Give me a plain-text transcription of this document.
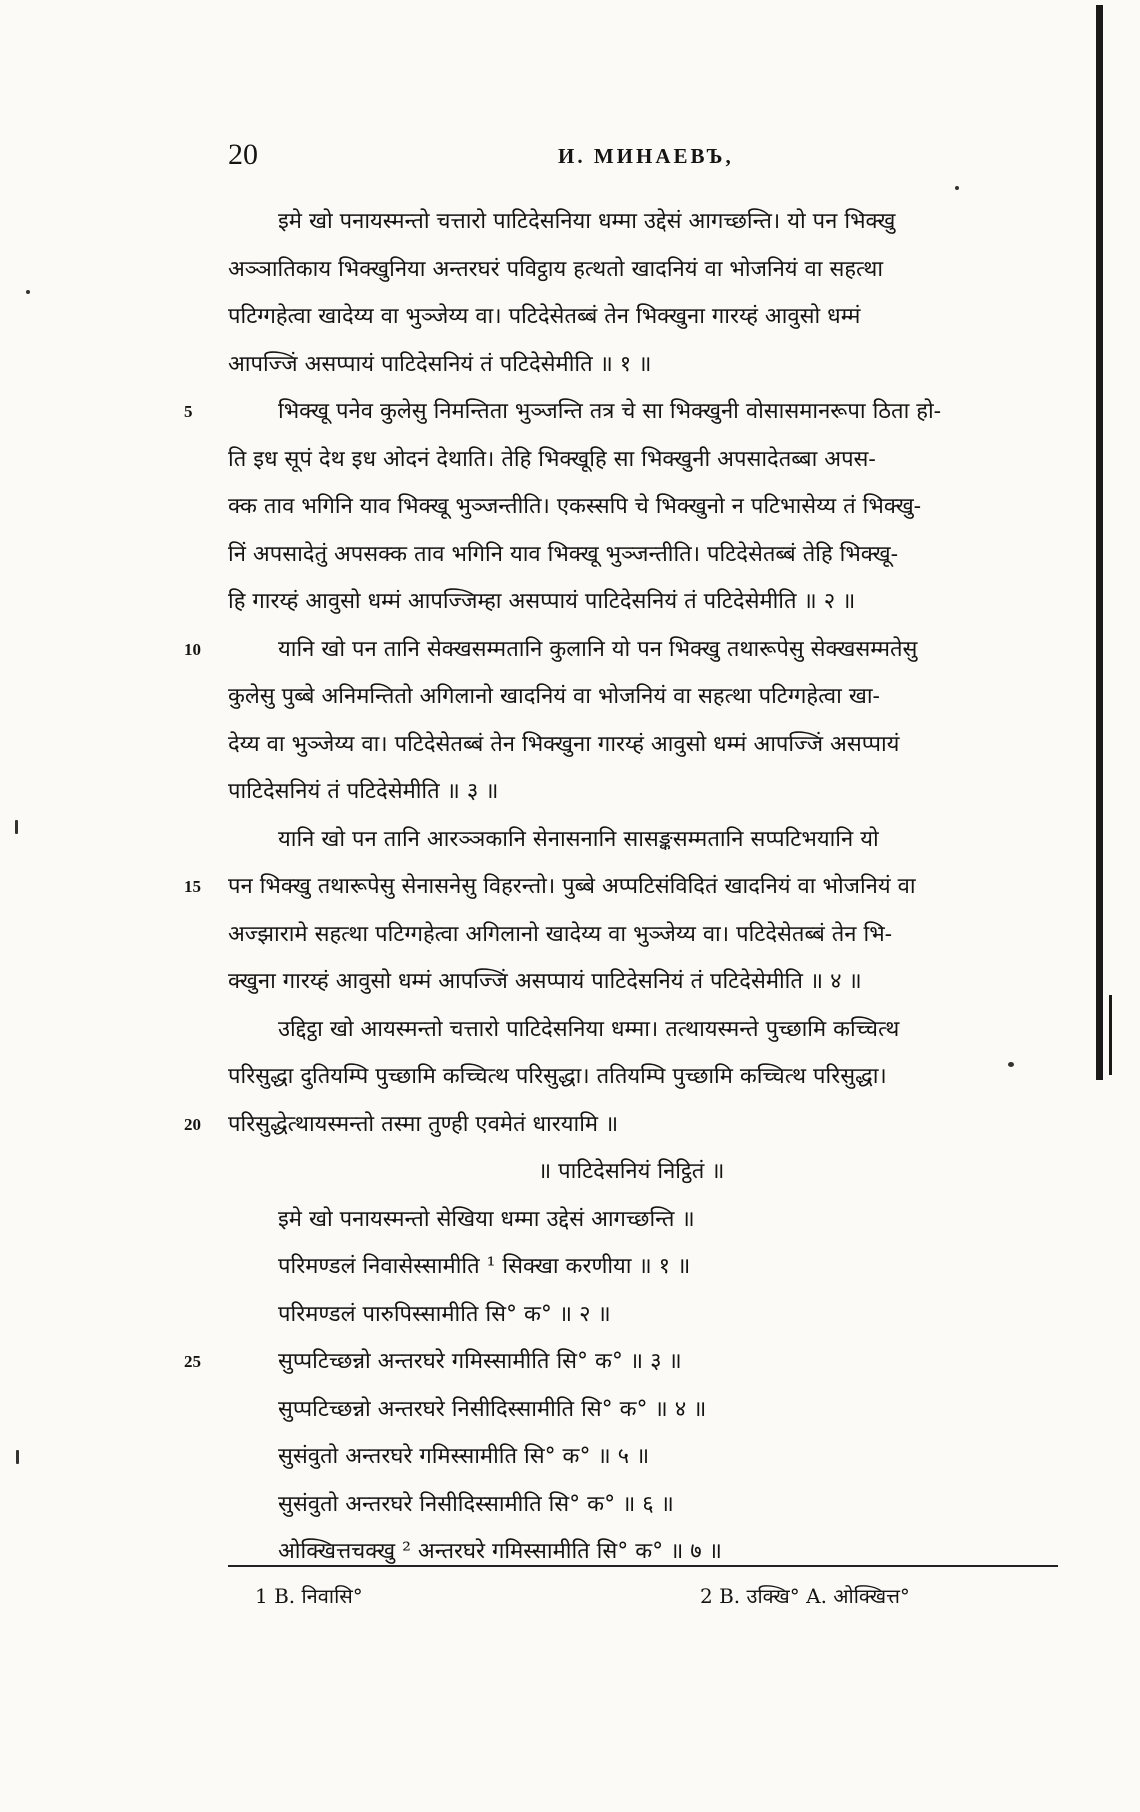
20	И. МИНАЕВЪ,
इमे खो पनायस्मन्तो चत्तारो पाटिदेसनिया धम्मा उद्देसं आगच्छन्ति। यो पन भिक्खु
अञ्ञातिकाय भिक्खुनिया अन्तरघरं पविट्ठाय हत्थतो खादनियं वा भोजनियं वा सहत्था
पटिग्गहेत्वा खादेय्य वा भुञ्जेय्य वा। पटिदेसेतब्बं तेन भिक्खुना गारय्हं आवुसो धम्मं
आपज्जिं असप्पायं पाटिदेसनियं तं पटिदेसेमीति ॥ १ ॥
5	भिक्खू पनेव कुलेसु निमन्तिता भुञ्जन्ति तत्र चे सा भिक्खुनी वोसासमानरूपा ठिता हो-
ति इध सूपं देथ इध ओदनं देथाति। तेहि भिक्खूहि सा भिक्खुनी अपसादेतब्बा अपस-
क्क ताव भगिनि याव भिक्खू भुञ्जन्तीति। एकस्सपि चे भिक्खुनो न पटिभासेय्य तं भिक्खु-
निं अपसादेतुं अपसक्क ताव भगिनि याव भिक्खू भुञ्जन्तीति। पटिदेसेतब्बं तेहि भिक्खू-
हि गारय्हं आवुसो धम्मं आपज्जिम्हा असप्पायं पाटिदेसनियं तं पटिदेसेमीति ॥ २ ॥
10	यानि खो पन तानि सेक्खसम्मतानि कुलानि यो पन भिक्खु तथारूपेसु सेक्खसम्मतेसु
कुलेसु पुब्बे अनिमन्तितो अगिलानो खादनियं वा भोजनियं वा सहत्था पटिग्गहेत्वा खा-
देय्य वा भुञ्जेय्य वा। पटिदेसेतब्बं तेन भिक्खुना गारय्हं आवुसो धम्मं आपज्जिं असप्पायं
पाटिदेसनियं तं पटिदेसेमीति ॥ ३ ॥
यानि खो पन तानि आरञ्ञकानि सेनासनानि सासङ्कसम्मतानि सप्पटिभयानि यो
15 पन भिक्खु तथारूपेसु सेनासनेसु विहरन्तो। पुब्बे अप्पटिसंविदितं खादनियं वा भोजनियं वा
अज्झारामे सहत्था पटिग्गहेत्वा अगिलानो खादेय्य वा भुञ्जेय्य वा। पटिदेसेतब्बं तेन भि-
क्खुना गारय्हं आवुसो धम्मं आपज्जिं असप्पायं पाटिदेसनियं तं पटिदेसेमीति ॥ ४ ॥
उद्दिट्ठा खो आयस्मन्तो चत्तारो पाटिदेसनिया धम्मा। तत्थायस्मन्ते पुच्छामि कच्चित्थ
परिसुद्धा दुतियम्पि पुच्छामि कच्चित्थ परिसुद्धा। ततियम्पि पुच्छामि कच्चित्थ परिसुद्धा।
20 परिसुद्धेत्थायस्मन्तो तस्मा तुण्ही एवमेतं धारयामि ॥
॥ पाटिदेसनियं निट्ठितं ॥
इमे खो पनायस्मन्तो सेखिया धम्मा उद्देसं आगच्छन्ति ॥
परिमण्डलं निवासेस्सामीति ¹ सिक्खा करणीया ॥ १ ॥
परिमण्डलं पारुपिस्सामीति सि° क° ॥ २ ॥
25	सुप्पटिच्छन्नो अन्तरघरे गमिस्सामीति सि° क° ॥ ३ ॥
सुप्पटिच्छन्नो अन्तरघरे निसीदिस्सामीति सि° क° ॥ ४ ॥
सुसंवुतो अन्तरघरे गमिस्सामीति सि° क° ॥ ५ ॥
सुसंवुतो अन्तरघरे निसीदिस्सामीति सि° क° ॥ ६ ॥
ओक्खित्तचक्खु ² अन्तरघरे गमिस्सामीति सि° क° ॥ ७ ॥
1 B. निवासि°	2 B. उक्खि° A. ओक्खित्त°
